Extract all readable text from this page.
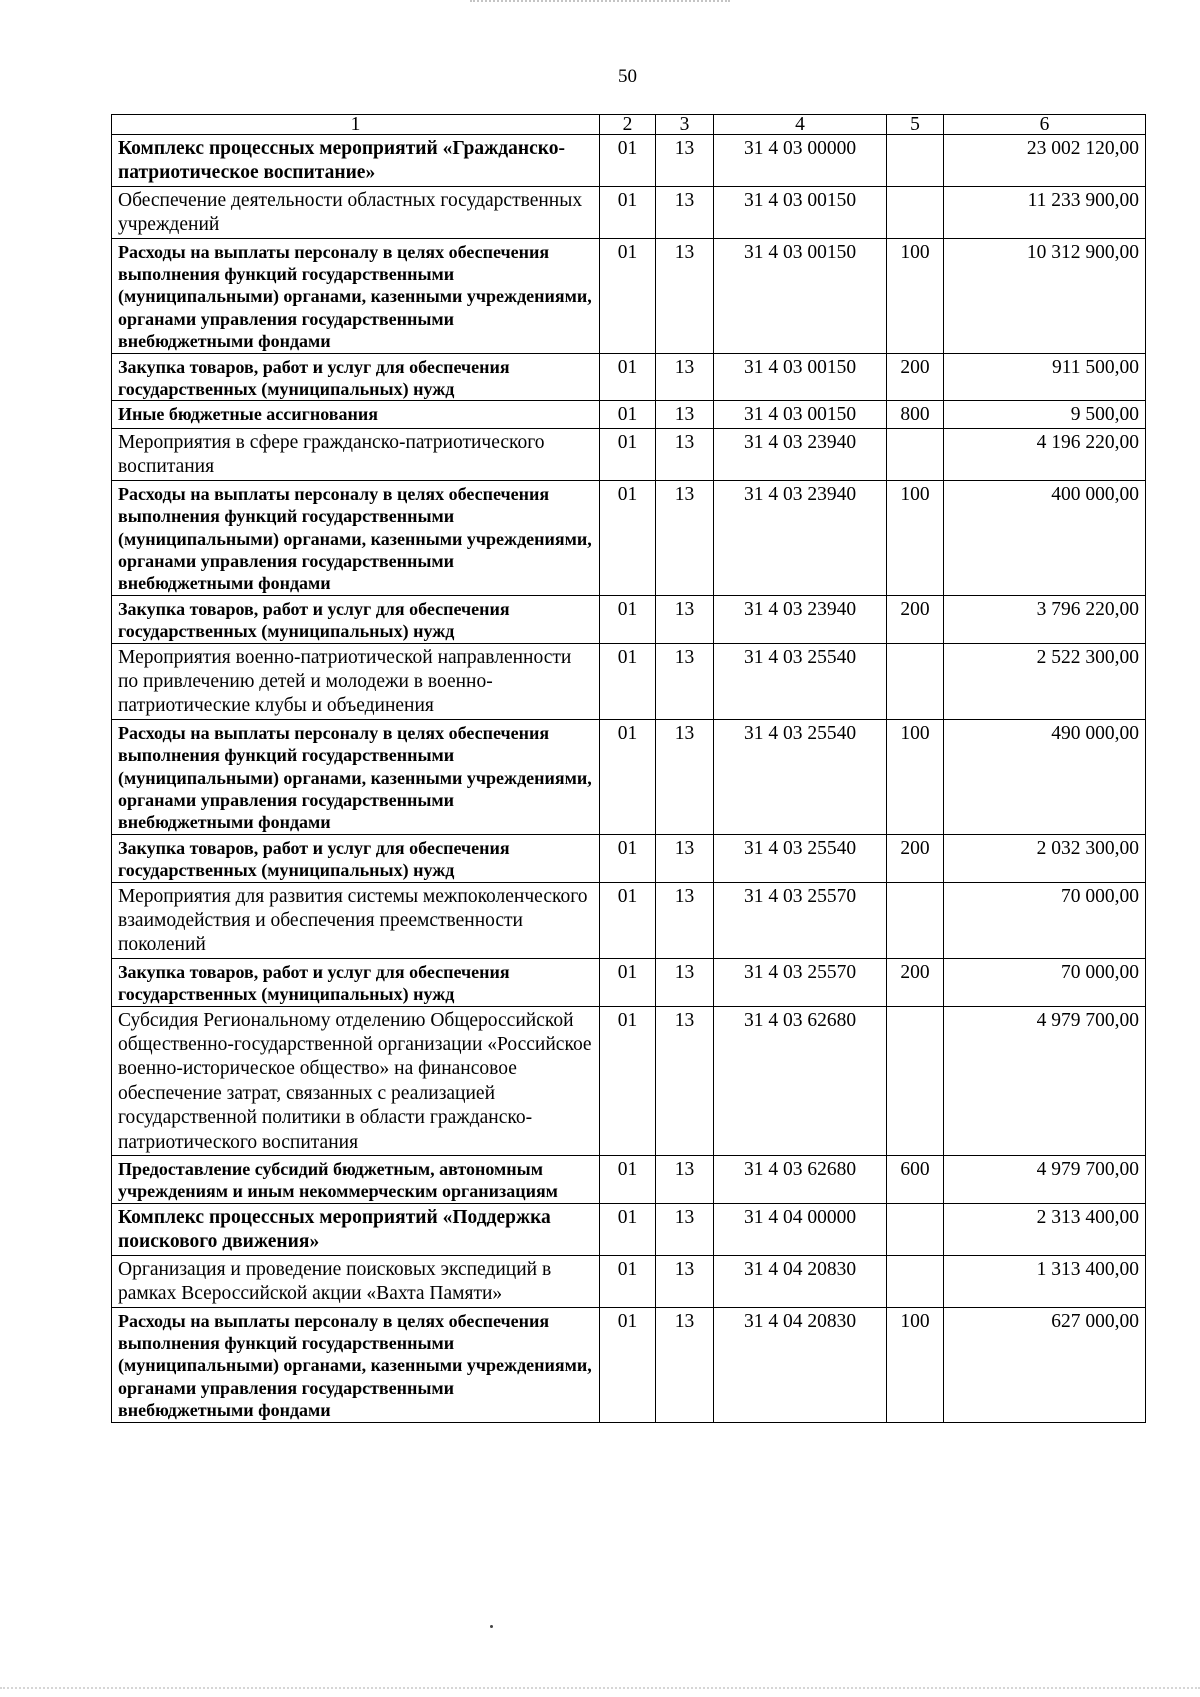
50
1	2	3	4	5	6
Комплекс процессных мероприятий «Гражданско-патриотическое воспитание»	01	13	31 4 03 00000		23 002 120,00
Обеспечение деятельности областных государственных учреждений	01	13	31 4 03 00150		11 233 900,00
Расходы на выплаты персоналу в целях обеспечения выполнения функций государственными (муниципальными) органами, казенными учреждениями, органами управления государственными внебюджетными фондами	01	13	31 4 03 00150	100	10 312 900,00
Закупка товаров, работ и услуг для обеспечения государственных (муниципальных) нужд	01	13	31 4 03 00150	200	911 500,00
Иные бюджетные ассигнования	01	13	31 4 03 00150	800	9 500,00
Мероприятия в сфере гражданско-патриотического воспитания	01	13	31 4 03 23940		4 196 220,00
Расходы на выплаты персоналу в целях обеспечения выполнения функций государственными (муниципальными) органами, казенными учреждениями, органами управления государственными внебюджетными фондами	01	13	31 4 03 23940	100	400 000,00
Закупка товаров, работ и услуг для обеспечения государственных (муниципальных) нужд	01	13	31 4 03 23940	200	3 796 220,00
Мероприятия военно-патриотической направленности по привлечению детей и молодежи в военно-патриотические клубы и объединения	01	13	31 4 03 25540		2 522 300,00
Расходы на выплаты персоналу в целях обеспечения выполнения функций государственными (муниципальными) органами, казенными учреждениями, органами управления государственными внебюджетными фондами	01	13	31 4 03 25540	100	490 000,00
Закупка товаров, работ и услуг для обеспечения государственных (муниципальных) нужд	01	13	31 4 03 25540	200	2 032 300,00
Мероприятия для развития системы межпоколенческого взаимодействия и обеспечения преемственности поколений	01	13	31 4 03 25570		70 000,00
Закупка товаров, работ и услуг для обеспечения государственных (муниципальных) нужд	01	13	31 4 03 25570	200	70 000,00
Субсидия Региональному отделению Общероссийской общественно-государственной организации «Российское военно-историческое общество» на финансовое обеспечение затрат, связанных с реализацией государственной политики в области гражданско-патриотического воспитания	01	13	31 4 03 62680		4 979 700,00
Предоставление субсидий бюджетным, автономным учреждениям и иным некоммерческим организациям	01	13	31 4 03 62680	600	4 979 700,00
Комплекс процессных мероприятий «Поддержка поискового движения»	01	13	31 4 04 00000		2 313 400,00
Организация и проведение поисковых экспедиций в рамках Всероссийской акции «Вахта Памяти»	01	13	31 4 04 20830		1 313 400,00
Расходы на выплаты персоналу в целях обеспечения выполнения функций государственными (муниципальными) органами, казенными учреждениями, органами управления государственными внебюджетными фондами	01	13	31 4 04 20830	100	627 000,00
